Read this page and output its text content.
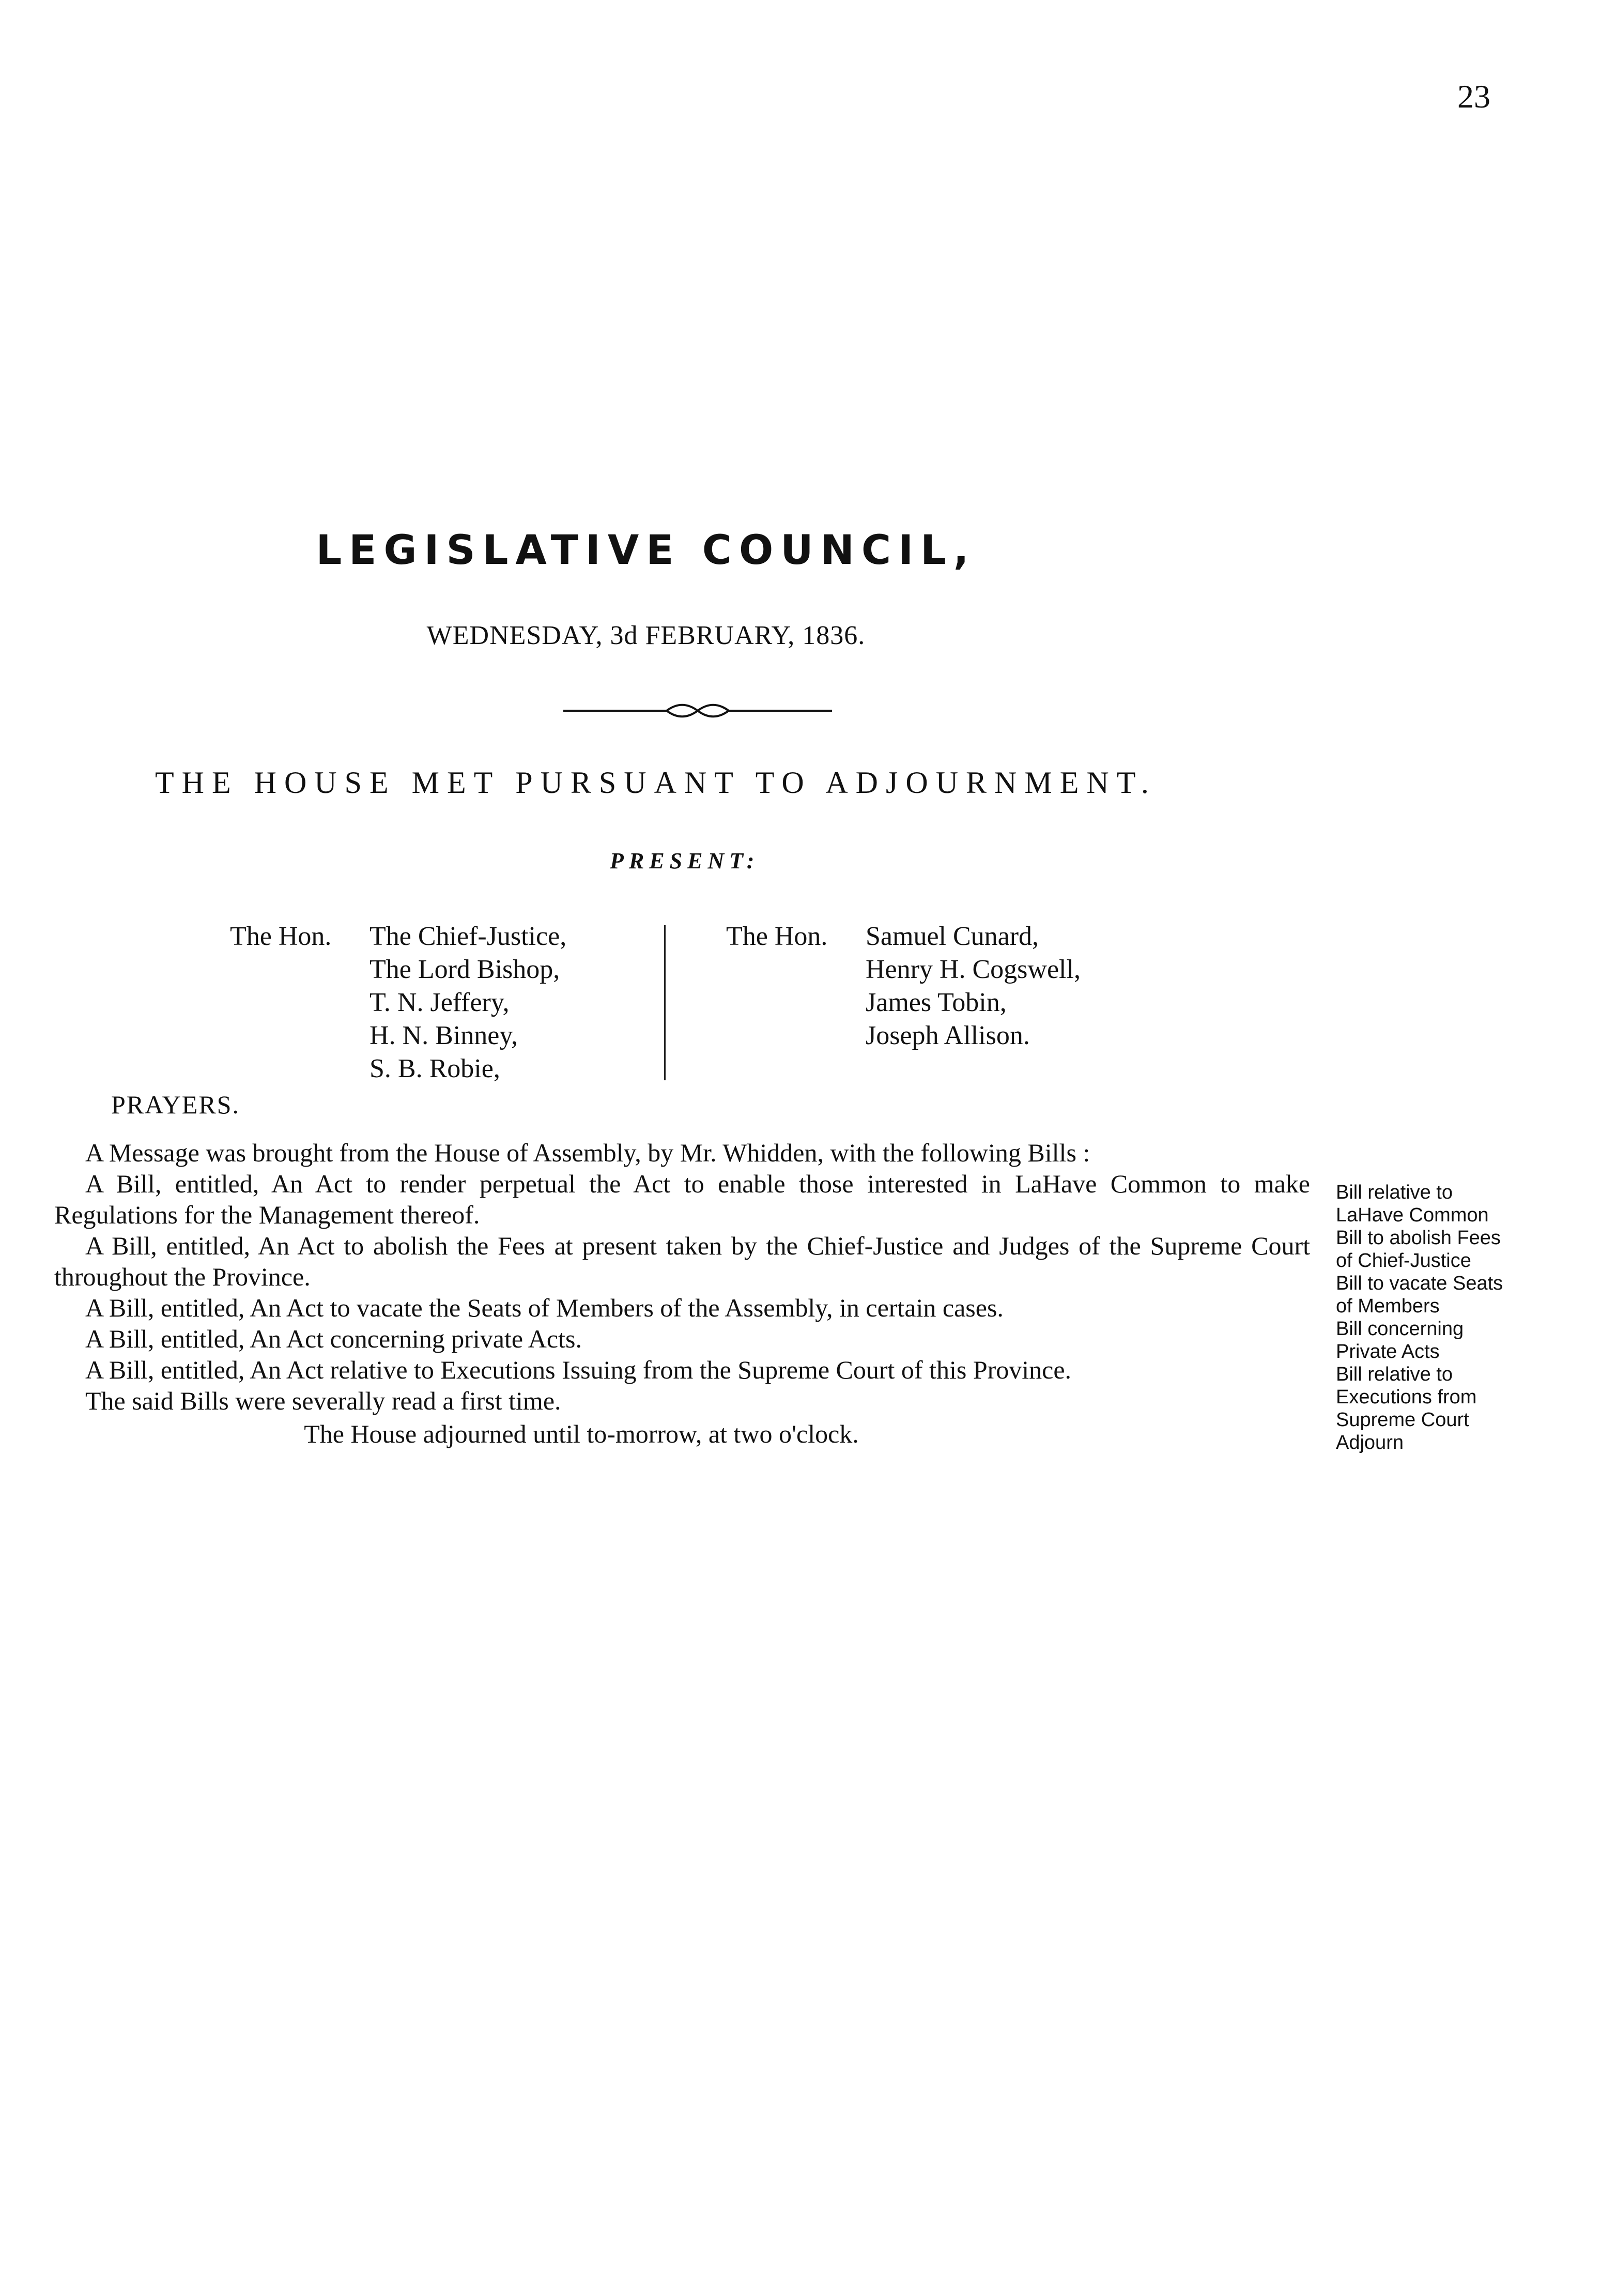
23
LEGISLATIVE COUNCIL,
WEDNESDAY, 3d FEBRUARY, 1836.
THE HOUSE MET PURSUANT TO ADJOURNMENT.
PRESENT:
The Hon. The Chief-Justice,
The Lord Bishop,
T. N. Jeffery,
H. N. Binney,
S. B. Robie,
The Hon. Samuel Cunard,
Henry H. Cogswell,
James Tobin,
Joseph Allison.
PRAYERS.
A Message was brought from the House of Assembly, by Mr. Whidden, with the following Bills :
A Bill, entitled, An Act to render perpetual the Act to enable those interested in LaHave Common to make Regulations for the Management thereof.
A Bill, entitled, An Act to abolish the Fees at present taken by the Chief-Justice and Judges of the Supreme Court throughout the Province.
A Bill, entitled, An Act to vacate the Seats of Members of the Assembly, in certain cases.
A Bill, entitled, An Act concerning private Acts.
A Bill, entitled, An Act relative to Executions Issuing from the Supreme Court of this Province.
The said Bills were severally read a first time.
The House adjourned until to-morrow, at two o'clock.
Bill relative to
LaHave Common
Bill to abolish Fees
of Chief-Justice
Bill to vacate Seats
of Members
Bill concerning
Private Acts
Bill relative to
Executions from
Supreme Court
Adjourn
